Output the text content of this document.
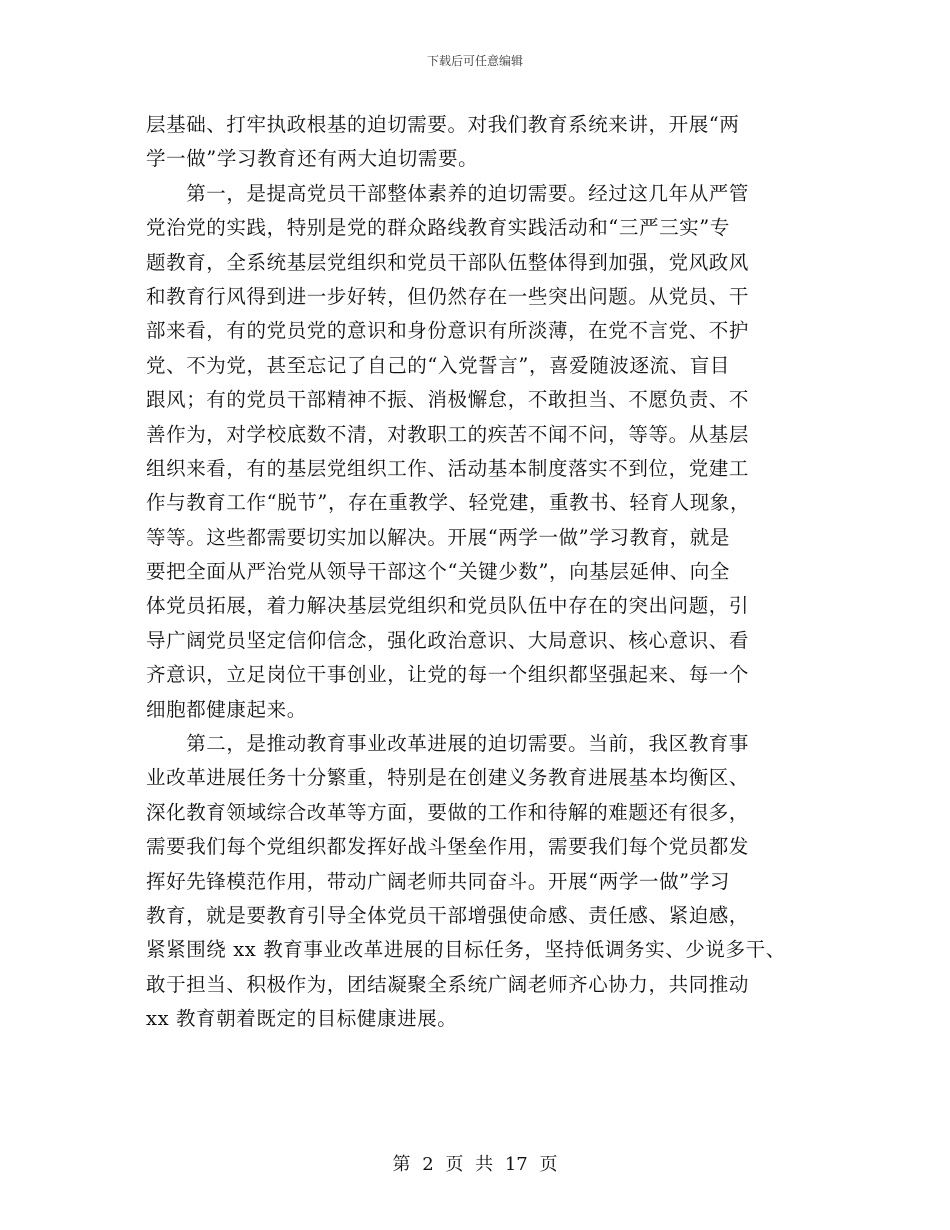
下载后可任意编辑
层基础、打牢执政根基的迫切需要。对我们教育系统来讲，开展“两
学一做”学习教育还有两大迫切需要。
　　第一，是提高党员干部整体素养的迫切需要。经过这几年从严管
党治党的实践，特别是党的群众路线教育实践活动和“三严三实”专
题教育，全系统基层党组织和党员干部队伍整体得到加强，党风政风
和教育行风得到进一步好转，但仍然存在一些突出问题。从党员、干
部来看，有的党员党的意识和身份意识有所淡薄，在党不言党、不护
党、不为党，甚至忘记了自己的“入党誓言”，喜爱随波逐流、盲目
跟风；有的党员干部精神不振、消极懈怠，不敢担当、不愿负责、不
善作为，对学校底数不清，对教职工的疾苦不闻不问，等等。从基层
组织来看，有的基层党组织工作、活动基本制度落实不到位，党建工
作与教育工作“脱节”，存在重教学、轻党建，重教书、轻育人现象，
等等。这些都需要切实加以解决。开展“两学一做”学习教育，就是
要把全面从严治党从领导干部这个“关键少数”，向基层延伸、向全
体党员拓展，着力解决基层党组织和党员队伍中存在的突出问题，引
导广阔党员坚定信仰信念，强化政治意识、大局意识、核心意识、看
齐意识，立足岗位干事创业，让党的每一个组织都坚强起来、每一个
细胞都健康起来。
　　第二，是推动教育事业改革进展的迫切需要。当前，我区教育事
业改革进展任务十分繁重，特别是在创建义务教育进展基本均衡区、
深化教育领域综合改革等方面，要做的工作和待解的难题还有很多，
需要我们每个党组织都发挥好战斗堡垒作用，需要我们每个党员都发
挥好先锋模范作用，带动广阔老师共同奋斗。开展“两学一做”学习
教育，就是要教育引导全体党员干部增强使命感、责任感、紧迫感，
紧紧围绕 xx 教育事业改革进展的目标任务，坚持低调务实、少说多干、
敢于担当、积极作为，团结凝聚全系统广阔老师齐心协力，共同推动
xx 教育朝着既定的目标健康进展。
第 2 页 共 17 页
